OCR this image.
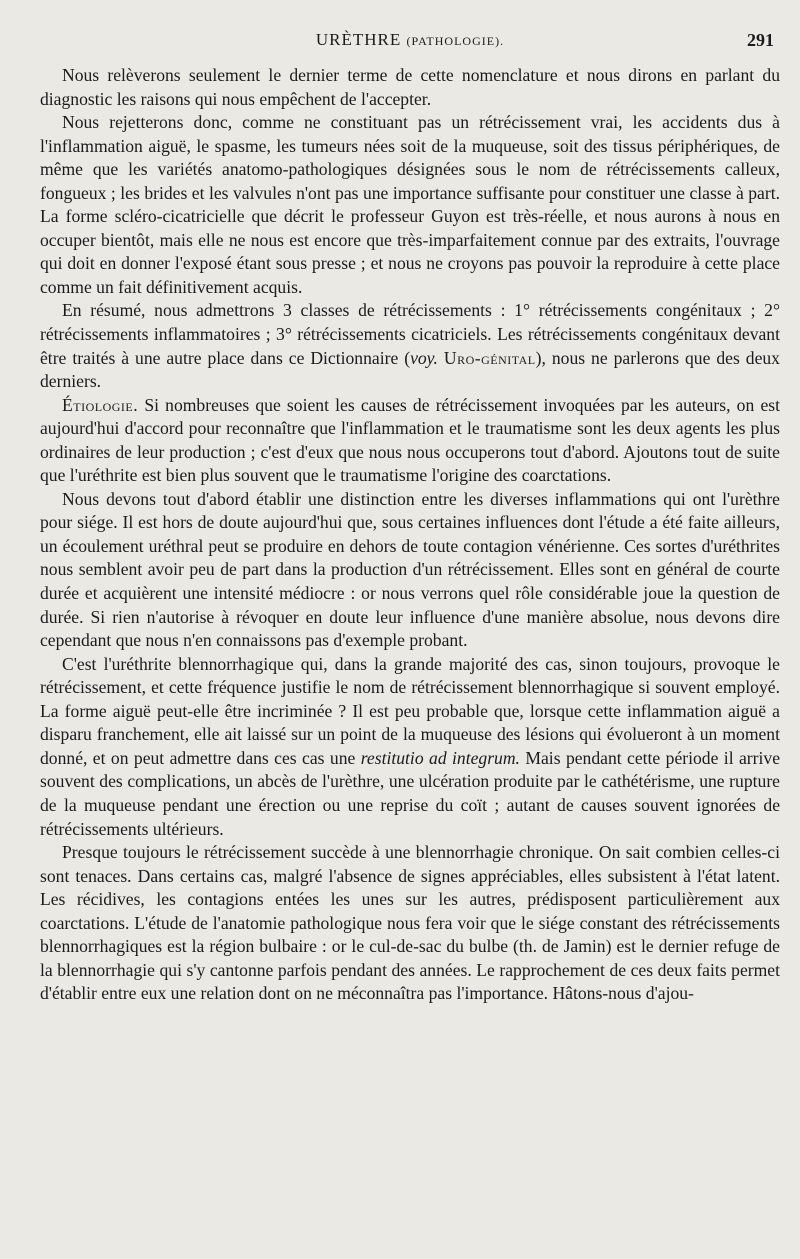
URÈTHRE (PATHOLOGIE).	291

Nous relèverons seulement le dernier terme de cette nomenclature et nous dirons en parlant du diagnostic les raisons qui nous empêchent de l'accepter.

Nous rejetterons donc, comme ne constituant pas un rétrécissement vrai, les accidents dus à l'inflammation aiguë, le spasme, les tumeurs nées soit de la muqueuse, soit des tissus périphériques, de même que les variétés anatomo-pathologiques désignées sous le nom de rétrécissements calleux, fongueux ; les brides et les valvules n'ont pas une importance suffisante pour constituer une classe à part. La forme scléro-cicatricielle que décrit le professeur Guyon est très-réelle, et nous aurons à nous en occuper bientôt, mais elle ne nous est encore que très-imparfaitement connue par des extraits, l'ouvrage qui doit en donner l'exposé étant sous presse ; et nous ne croyons pas pouvoir la reproduire à cette place comme un fait définitivement acquis.

En résumé, nous admettrons 3 classes de rétrécissements : 1° rétrécissements congénitaux ; 2° rétrécissements inflammatoires ; 3° rétrécissements cicatriciels. Les rétrécissements congénitaux devant être traités à une autre place dans ce Dictionnaire (voy. Uro-génital), nous ne parlerons que des deux derniers.

Étiologie. Si nombreuses que soient les causes de rétrécissement invoquées par les auteurs, on est aujourd'hui d'accord pour reconnaître que l'inflammation et le traumatisme sont les deux agents les plus ordinaires de leur production ; c'est d'eux que nous nous occuperons tout d'abord. Ajoutons tout de suite que l'uréthrite est bien plus souvent que le traumatisme l'origine des coarctations.

Nous devons tout d'abord établir une distinction entre les diverses inflammations qui ont l'urèthre pour siége. Il est hors de doute aujourd'hui que, sous certaines influences dont l'étude a été faite ailleurs, un écoulement uréthral peut se produire en dehors de toute contagion vénérienne. Ces sortes d'uréthrites nous semblent avoir peu de part dans la production d'un rétrécissement. Elles sont en général de courte durée et acquièrent une intensité médiocre : or nous verrons quel rôle considérable joue la question de durée. Si rien n'autorise à révoquer en doute leur influence d'une manière absolue, nous devons dire cependant que nous n'en connaissons pas d'exemple probant.

C'est l'uréthrite blennorrhagique qui, dans la grande majorité des cas, sinon toujours, provoque le rétrécissement, et cette fréquence justifie le nom de rétrécissement blennorrhagique si souvent employé. La forme aiguë peut-elle être incriminée ? Il est peu probable que, lorsque cette inflammation aiguë a disparu franchement, elle ait laissé sur un point de la muqueuse des lésions qui évolueront à un moment donné, et on peut admettre dans ces cas une restitutio ad integrum. Mais pendant cette période il arrive souvent des complications, un abcès de l'urèthre, une ulcération produite par le cathétérisme, une rupture de la muqueuse pendant une érection ou une reprise du coït ; autant de causes souvent ignorées de rétrécissements ultérieurs.

Presque toujours le rétrécissement succède à une blennorrhagie chronique. On sait combien celles-ci sont tenaces. Dans certains cas, malgré l'absence de signes appréciables, elles subsistent à l'état latent. Les récidives, les contagions entées les unes sur les autres, prédisposent particulièrement aux coarctations. L'étude de l'anatomie pathologique nous fera voir que le siége constant des rétrécissements blennorrhagiques est la région bulbaire : or le cul-de-sac du bulbe (th. de Jamin) est le dernier refuge de la blennorrhagie qui s'y cantonne parfois pendant des années. Le rapprochement de ces deux faits permet d'établir entre eux une relation dont on ne méconnaîtra pas l'importance. Hâtons-nous d'ajou-
